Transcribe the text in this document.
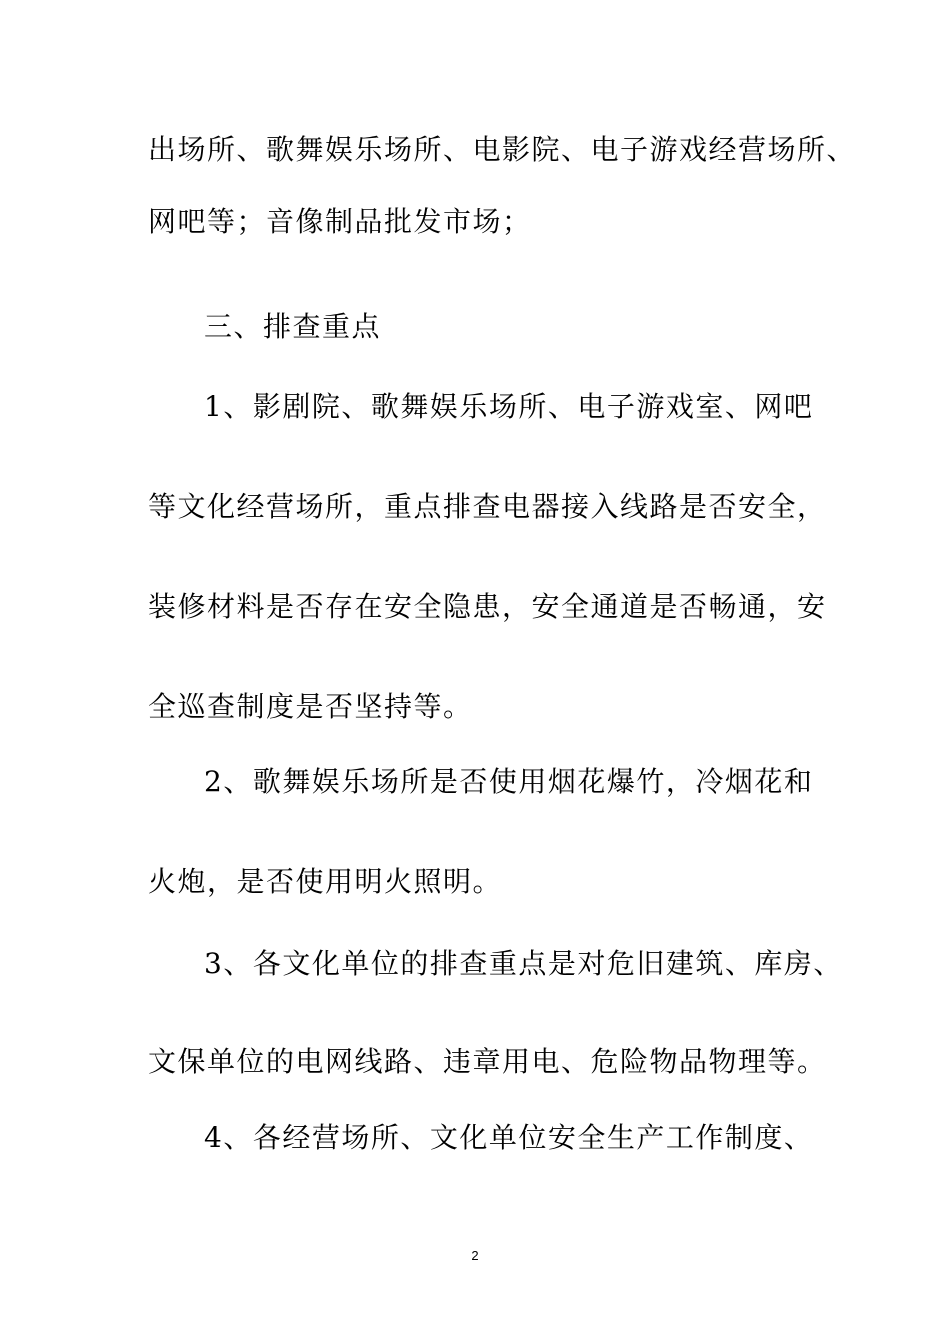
出场所、歌舞娱乐场所、电影院、电子游戏经营场所、
网吧等；音像制品批发市场；
三、排查重点
1、影剧院、歌舞娱乐场所、电子游戏室、网吧
等文化经营场所，重点排查电器接入线路是否安全，
装修材料是否存在安全隐患，安全通道是否畅通，安
全巡查制度是否坚持等。
2、歌舞娱乐场所是否使用烟花爆竹，冷烟花和
火炮，是否使用明火照明。
3、各文化单位的排查重点是对危旧建筑、库房、
文保单位的电网线路、违章用电、危险物品物理等。
4、各经营场所、文化单位安全生产工作制度、
2
